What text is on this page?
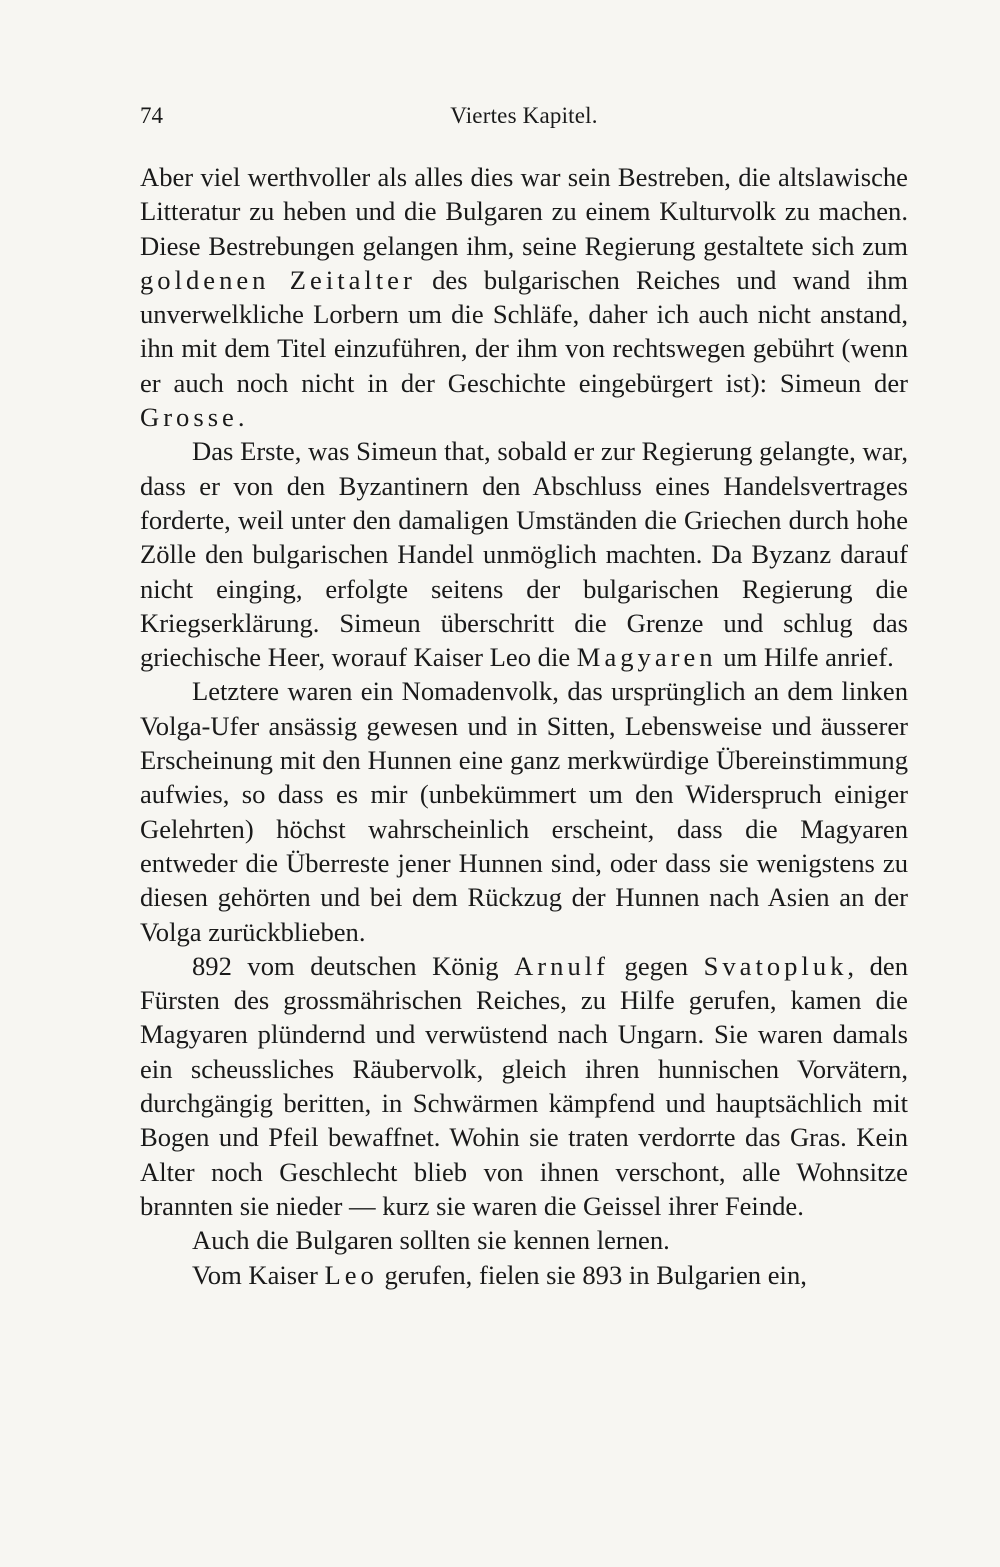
74	Viertes Kapitel.

Aber viel werthvoller als alles dies war sein Bestreben, die altslawische Litteratur zu heben und die Bulgaren zu einem Kulturvolk zu machen. Diese Bestrebungen gelangen ihm, seine Regierung gestaltete sich zum goldenen Zeitalter des bulgarischen Reiches und wand ihm unverwelkliche Lorbern um die Schläfe, daher ich auch nicht anstand, ihn mit dem Titel einzuführen, der ihm von rechtswegen gebührt (wenn er auch noch nicht in der Geschichte eingebürgert ist): Simeun der Grosse.

Das Erste, was Simeun that, sobald er zur Regierung gelangte, war, dass er von den Byzantinern den Abschluss eines Handelsvertrages forderte, weil unter den damaligen Umständen die Griechen durch hohe Zölle den bulgarischen Handel unmöglich machten. Da Byzanz darauf nicht einging, erfolgte seitens der bulgarischen Regierung die Kriegserklärung. Simeun überschritt die Grenze und schlug das griechische Heer, worauf Kaiser Leo die Magyaren um Hilfe anrief.

Letztere waren ein Nomadenvolk, das ursprünglich an dem linken Volga-Ufer ansässig gewesen und in Sitten, Lebensweise und äusserer Erscheinung mit den Hunnen eine ganz merkwürdige Übereinstimmung aufwies, so dass es mir (unbekümmert um den Widerspruch einiger Gelehrten) höchst wahrscheinlich erscheint, dass die Magyaren entweder die Überreste jener Hunnen sind, oder dass sie wenigstens zu diesen gehörten und bei dem Rückzug der Hunnen nach Asien an der Volga zurückblieben.

892 vom deutschen König Arnulf gegen Svatopluk, den Fürsten des grossmährischen Reiches, zu Hilfe gerufen, kamen die Magyaren plündernd und verwüstend nach Ungarn. Sie waren damals ein scheussliches Räubervolk, gleich ihren hunnischen Vorvätern, durchgängig beritten, in Schwärmen kämpfend und hauptsächlich mit Bogen und Pfeil bewaffnet. Wohin sie traten verdorrte das Gras. Kein Alter noch Geschlecht blieb von ihnen verschont, alle Wohnsitze brannten sie nieder — kurz sie waren die Geissel ihrer Feinde.

Auch die Bulgaren sollten sie kennen lernen.

Vom Kaiser Leo gerufen, fielen sie 893 in Bulgarien ein,
